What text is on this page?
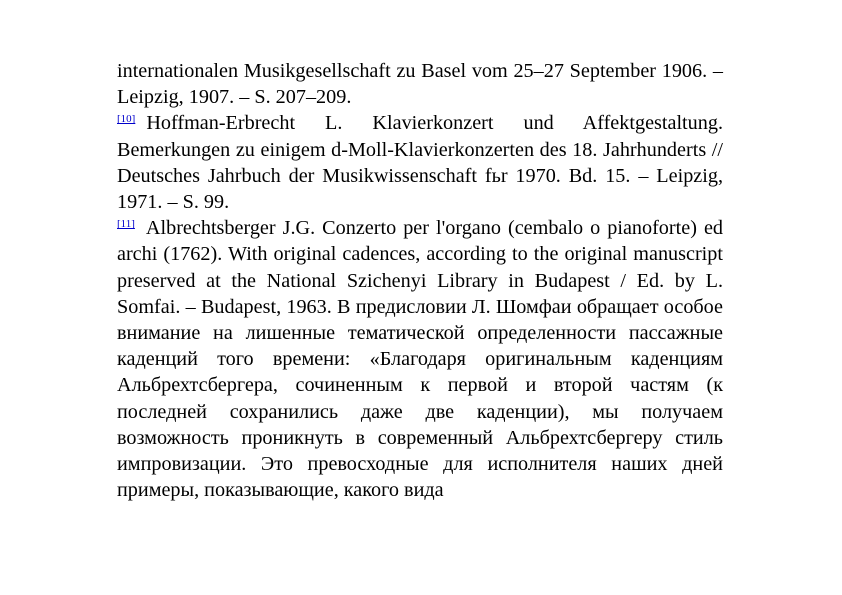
internationalen Musikgesellschaft zu Basel vom 25–27 September 1906. – Leipzig, 1907. – S. 207–209.

[10] Hoffman-Erbrecht L. Klavierkonzert und Affektgestaltung. Bemerkungen zu einigem d-Moll-Klavierkonzerten des 18. Jahrhunderts // Deutsches Jahrbuch der Musikwissenschaft fьr 1970. Bd. 15. – Leipzig, 1971. – S. 99.

[11] Albrechtsberger J.G. Conzerto per l'organo (cembalo o pianoforte) ed archi (1762). With original cadences, according to the original manuscript preserved at the National Szіchenyi Library in Budapest / Ed. by L. Somfai. – Budapest, 1963. В предисловии Л. Шомфаи обращает особое внимание на лишенные тематической определенности пассажные каденций того времени: «Благодаря оригинальным каденциям Альбрехтсбергера, сочиненным к первой и второй частям (к последней сохранились даже две каденции), мы получаем возможность проникнуть в современный Альбрехтсбергеру стиль импровизации. Это превосходные для исполнителя наших дней примеры, показывающие, какого вида
